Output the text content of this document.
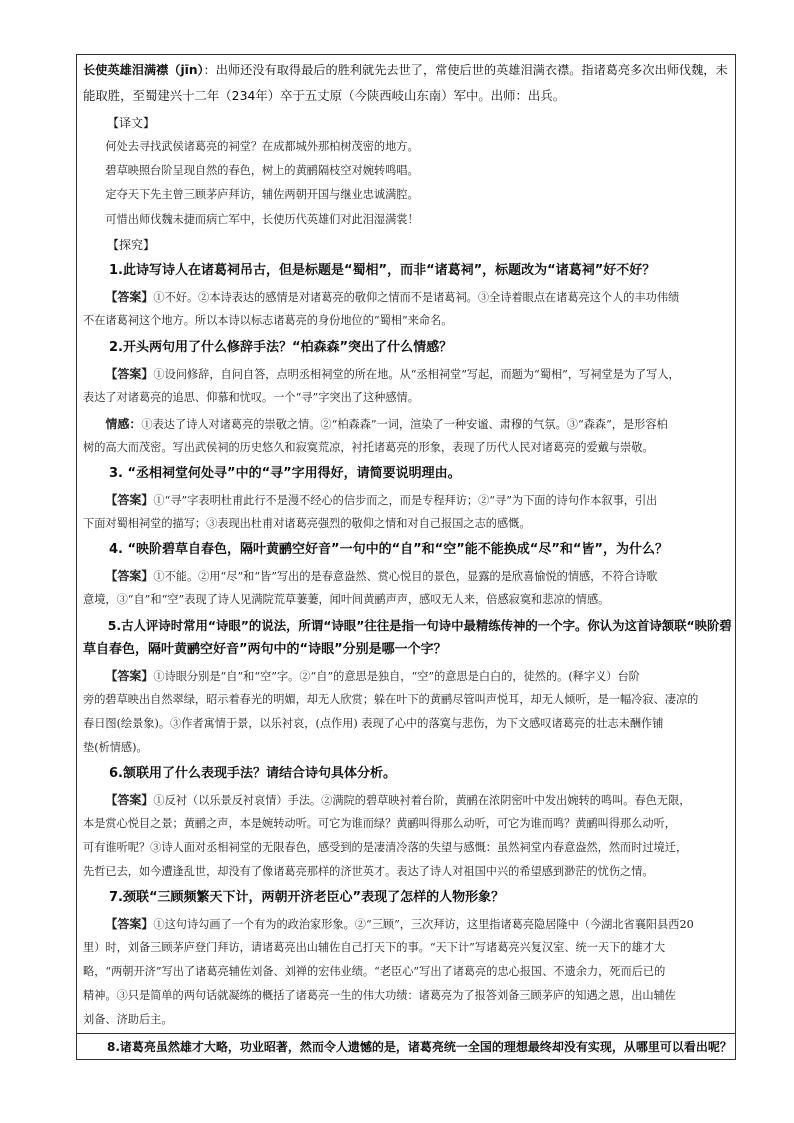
长使英雄泪满襟（jīn）：出师还没有取得最后的胜利就先去世了，常使后世的英雄泪满衣襟。指诸葛亮多次出师伐魏，未
能取胜，至蜀建兴十二年（234年）卒于五丈原（今陕西岐山东南）军中。出师：出兵。
【译文】
何处去寻找武侯诸葛亮的祠堂？在成都城外那柏树茂密的地方。
碧草映照台阶呈现自然的春色，树上的黄鹂隔枝空对婉转鸣唱。
定夺天下先主曾三顾茅庐拜访，辅佐两朝开国与继业忠诚满腔。
可惜出师伐魏未捷而病亡军中，长使历代英雄们对此泪湿满裳！
【探究】
1.此诗写诗人在诸葛祠吊古，但是标题是“蜀相”，而非“诸葛祠”，标题改为“诸葛祠”好不好？
【答案】①不好。②本诗表达的感情是对诸葛亮的敬仰之情而不是诸葛祠。③全诗着眼点在诸葛亮这个人的丰功伟绩
不在诸葛祠这个地方。所以本诗以标志诸葛亮的身份地位的“蜀相”来命名。
2.开头两句用了什么修辞手法？“柏森森”突出了什么情感？
【答案】①设问修辞，自问自答，点明丞相祠堂的所在地。从“丞相祠堂”写起，而题为“蜀相”，写祠堂是为了写人，
表达了对诸葛亮的追思、仰慕和忧叹。一个“寻”字突出了这种感情。
情感：①表达了诗人对诸葛亮的崇敬之情。②“柏森森”一词，渲染了一种安谧、肃穆的气氛。③“森森”，是形容柏
树的高大而茂密。写出武侯祠的历史悠久和寂寞荒凉，衬托诸葛亮的形象，表现了历代人民对诸葛亮的爱戴与崇敬。
3. “丞相祠堂何处寻”中的“寻”字用得好，请简要说明理由。
【答案】①“寻”字表明杜甫此行不是漫不经心的信步而之，而是专程拜访；②“寻”为下面的诗句作本叙事，引出
下面对蜀相祠堂的描写；③表现出杜甫对诸葛亮强烈的敬仰之情和对自己报国之志的感慨。
4. “映阶碧草自春色，隔叶黄鹂空好音”一句中的“自”和“空”能不能换成“尽”和“皆”，为什么？
【答案】①不能。②用“尽”和“皆”写出的是春意盎然、赏心悦目的景色，显露的是欣喜愉悦的情感，不符合诗歌
意境，③“自”和“空”表现了诗人见满院荒草萋萋，闻叶间黄鹂声声，感叹无人来，倍感寂寞和悲凉的情感。
5.古人评诗时常用“诗眼”的说法，所谓“诗眼”往往是指一句诗中最精练传神的一个字。你认为这首诗颔联“映阶碧
草自春色，隔叶黄鹂空好音”两句中的“诗眼”分别是哪一个字？
【答案】①诗眼分别是“自”和“空”字。②“自”的意思是独自，“空”的意思是白白的，徒然的。(释字义）台阶
旁的碧草映出自然翠绿，昭示着春光的明媚，却无人欣赏；躲在叶下的黄鹂尽管叫声悦耳，却无人倾听，是一幅冷寂、凄凉的
春日图(绘景象)。③作者寓情于景，以乐衬哀，(点作用) 表现了心中的落寞与悲伤，为下文感叹诸葛亮的壮志未酬作铺
垫(析情感)。
6.颔联用了什么表现手法？请结合诗句具体分析。
【答案】①反衬（以乐景反衬哀情）手法。②满院的碧草映衬着台阶，黄鹂在浓阴密叶中发出婉转的鸣叫。春色无限，
本是赏心悦目之景；黄鹂之声，本是婉转动听。可它为谁而绿？黄鹂叫得那么动听，可它为谁而鸣？黄鹂叫得那么动听，
可有谁听呢？③诗人面对丞相祠堂的无限春色，感受到的是凄清冷落的失望与感慨：虽然祠堂内春意盎然，然而时过境迁，
先哲已去，如今遭逢乱世，却没有了像诸葛亮那样的济世英才。表达了诗人对祖国中兴的希望感到渺茫的忧伤之情。
7.颈联“三顾频繁天下计，两朝开济老臣心”表现了怎样的人物形象？
【答案】①这句诗勾画了一个有为的政治家形象。②“三顾”，三次拜访，这里指诸葛亮隐居隆中（今湖北省襄阳县西20
里）时，刘备三顾茅庐登门拜访，请诸葛亮出山辅佐自己打天下的事。“天下计”写诸葛亮兴复汉室、统一天下的雄才大
略，“两朝开济”写出了诸葛亮辅佐刘备、刘禅的宏伟业绩。“老臣心”写出了诸葛亮的忠心报国、不遗余力，死而后已的
精神。③只是简单的两句话就凝练的概括了诸葛亮一生的伟大功绩：诸葛亮为了报答刘备三顾茅庐的知遇之恩，出山辅佐
刘备、济助后主。
8.诸葛亮虽然雄才大略，功业昭著，然而令人遗憾的是，诸葛亮统一全国的理想最终却没有实现，从哪里可以看出呢？
